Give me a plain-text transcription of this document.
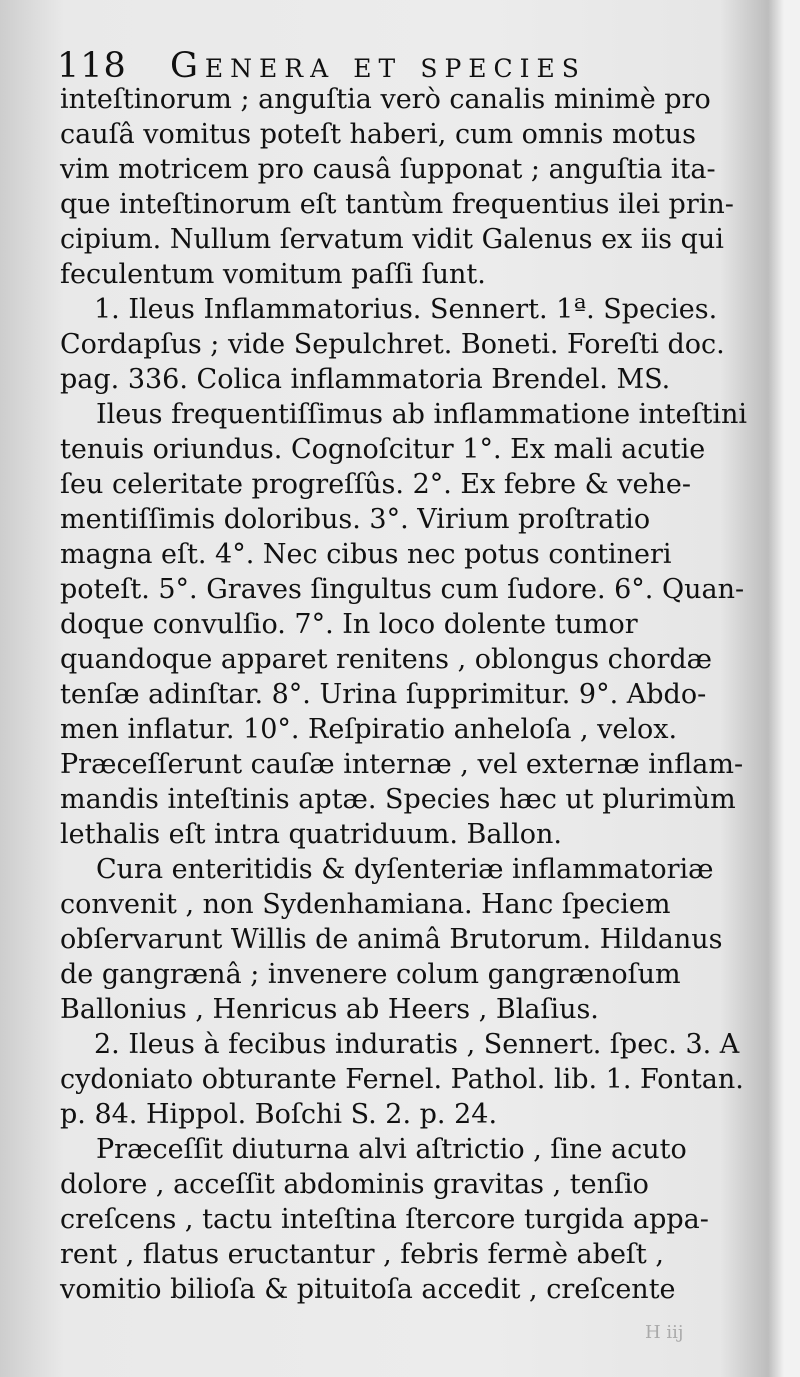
118 Genera et species
inteſtinorum ; anguſtia verò canalis minimè pro
cauſâ vomitus poteſt haberi, cum omnis motus
vim motricem pro causâ ſupponat ; anguſtia ita-
que inteſtinorum eſt tantùm frequentius ilei prin-
cipium. Nullum ſervatum vidit Galenus ex iis qui
feculentum vomitum paſſi ſunt.
1. Ileus Inflammatorius. Sennert. 1ª. Species.
Cordapſus ; vide Sepulchret. Boneti. Foreſti doc.
pag. 336. Colica inflammatoria Brendel. MS.
Ileus frequentiſſimus ab inflammatione inteſtini
tenuis oriundus. Cognoſcitur 1°. Ex mali acutie
ſeu celeritate progreſſûs. 2°. Ex febre & vehe-
mentiſſimis doloribus. 3°. Virium proſtratio
magna eſt. 4°. Nec cibus nec potus contineri
poteſt. 5°. Graves ſingultus cum ſudore. 6°. Quan-
doque convulſio. 7°. In loco dolente tumor
quandoque apparet renitens , oblongus chordæ
tenſæ adinſtar. 8°. Urina ſupprimitur. 9°. Abdo-
men inflatur. 10°. Reſpiratio anheloſa , velox.
Præceſſerunt cauſæ internæ , vel externæ inflam-
mandis inteſtinis aptæ. Species hæc ut plurimùm
lethalis eſt intra quatriduum. Ballon.
Cura enteritidis & dyſenteriæ inflammatoriæ
convenit , non Sydenhamiana. Hanc ſpeciem
obſervarunt Willis de animâ Brutorum. Hildanus
de gangrænâ ; invenere colum gangrænoſum
Ballonius , Henricus ab Heers , Blaſius.
2. Ileus à fecibus induratis , Sennert. ſpec. 3. A
cydoniato obturante Fernel. Pathol. lib. 1. Fontan.
p. 84. Hippol. Boſchi S. 2. p. 24.
Præceſſit diuturna alvi aſtrictio , ſine acuto
dolore , acceſſit abdominis gravitas , tenſio
creſcens , tactu inteſtina ſtercore turgida appa-
rent , flatus eructantur , febris fermè abeſt ,
vomitio bilioſa & pituitoſa accedit , creſcente
H iij
